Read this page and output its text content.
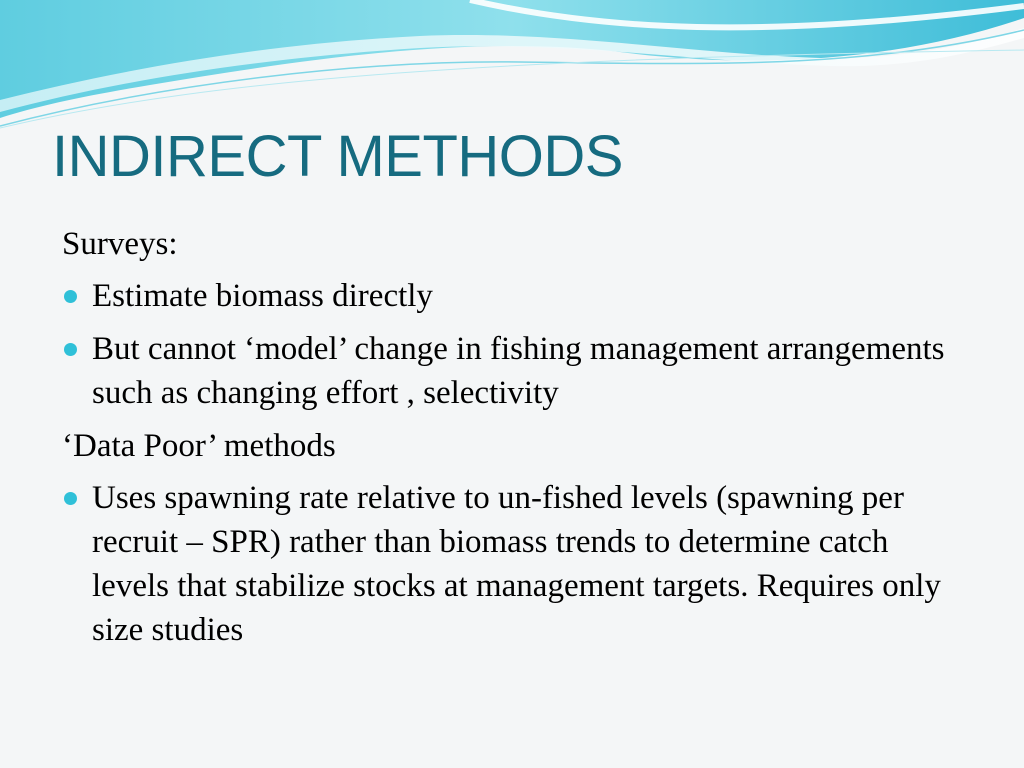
INDIRECT METHODS

Surveys:

Estimate biomass directly
But cannot ‘model’ change in fishing management arrangements such as changing effort , selectivity

‘Data Poor’ methods

Uses spawning rate relative to un-fished levels (spawning per recruit – SPR) rather than biomass trends to determine catch levels that stabilize stocks at management targets. Requires only size studies
